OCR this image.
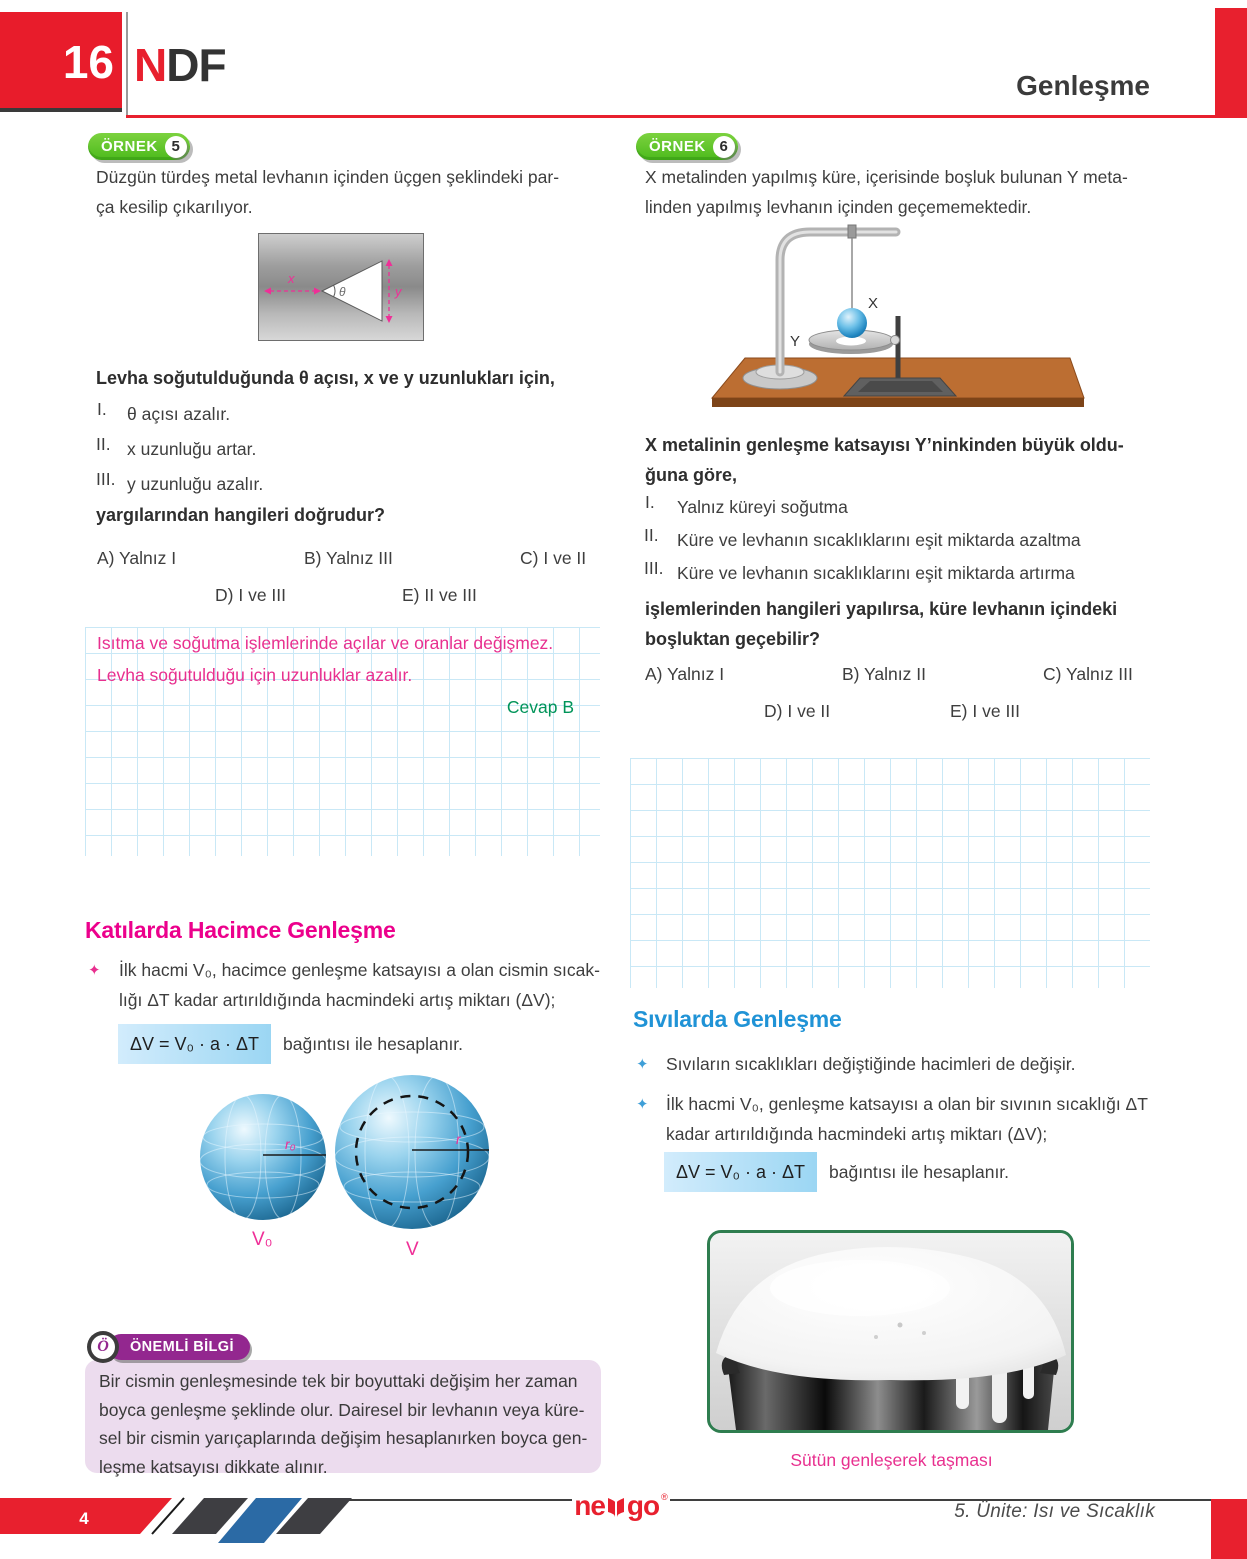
16 NDF	Genleşme
ÖRNEK 5
Düzgün türdeş metal levhanın içinden üçgen şeklindeki par-
ça kesilip çıkarılıyor.
θ
x
y
Levha soğutulduğunda θ açısı, x ve y uzunlukları için,
I. θ açısı azalır.
II. x uzunluğu artar.
III. y uzunluğu azalır.
yargılarından hangileri doğrudur?
A) Yalnız I	B) Yalnız III	C) I ve II
D) I ve III	E) II ve III
Isıtma ve soğutma işlemlerinde açılar ve oranlar değişmez.
Levha soğutulduğu için uzunluklar azalır.
Cevap B
Katılarda Hacimce Genleşme
✦ İlk hacmi V₀, hacimce genleşme katsayısı a olan cismin sıcak-
lığı ΔT kadar artırıldığında hacmindeki artış miktarı (ΔV);
ΔV = V₀ · a · ΔT	bağıntısı ile hesaplanır.
r₀
V₀
r
V
Ö	ÖNEMLİ BİLGİ
Bir cismin genleşmesinde tek bir boyuttaki değişim her zaman
boyca genleşme şeklinde olur. Dairesel bir levhanın veya küre-
sel bir cismin yarıçaplarında değişim hesaplanırken boyca gen-
leşme katsayısı dikkate alınır.
ÖRNEK 6
X metalinden yapılmış küre, içerisinde boşluk bulunan Y meta-
linden yapılmış levhanın içinden geçememektedir.
X
Y
X metalinin genleşme katsayısı Y’ninkinden büyük oldu-
ğuna göre,
I. Yalnız küreyi soğutma
II. Küre ve levhanın sıcaklıklarını eşit miktarda azaltma
III. Küre ve levhanın sıcaklıklarını eşit miktarda artırma
işlemlerinden hangileri yapılırsa, küre levhanın içindeki
boşluktan geçebilir?
A) Yalnız I	B) Yalnız II	C) Yalnız III
D) I ve II	E) I ve III
Sıvılarda Genleşme
✦ Sıvıların sıcaklıkları değiştiğinde hacimleri de değişir.
✦ İlk hacmi V₀, genleşme katsayısı a olan bir sıvının sıcaklığı ΔT
kadar artırıldığında hacmindeki artış miktarı (ΔV);
ΔV = V₀ · a · ΔT	bağıntısı ile hesaplanır.
Sütün genleşerek taşması
4	ne go ®
5. Ünite: Isı ve Sıcaklık
